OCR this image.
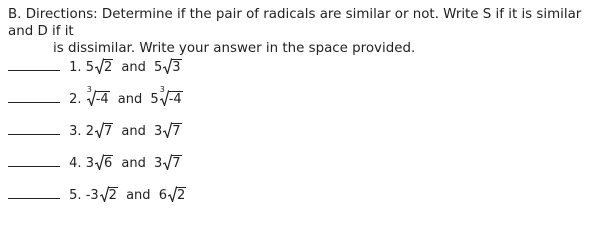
B. Directions: Determine if the pair of radicals are similar or not. Write S if it is similar and D if it
is dissimilar. Write your answer in the space provided.
1. 5 2 and 5 3
2.
3
-4 and 5
3
-4
3. 2 7 and 3 7
4. 3 6 and 3 7
5. -3 2 and 6 2
